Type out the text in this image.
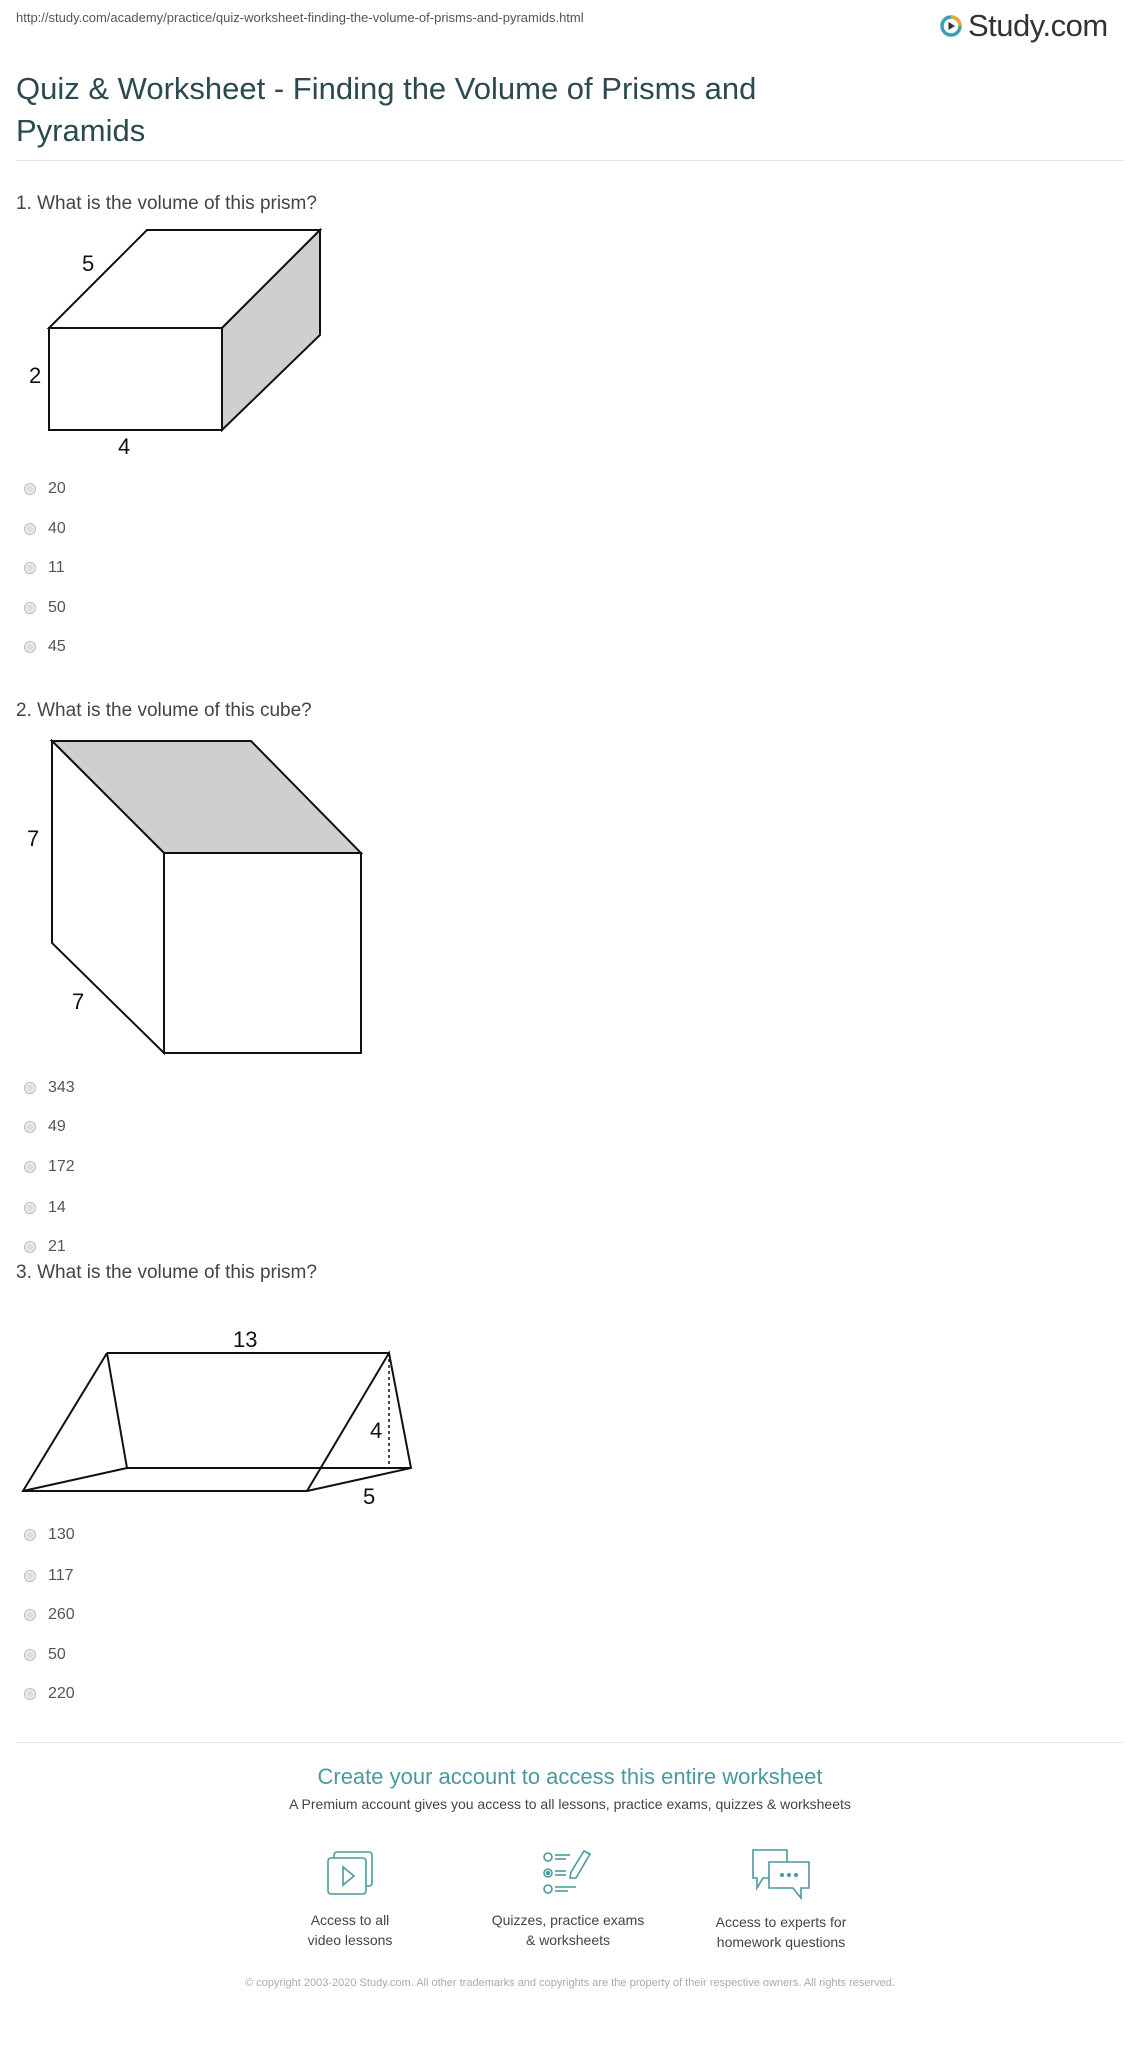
http://study.com/academy/practice/quiz-worksheet-finding-the-volume-of-prisms-and-pyramids.html	Study.com
Quiz & Worksheet - Finding the Volume of Prisms and Pyramids
1. What is the volume of this prism?
5
2
4
20
40
11
50
45
2. What is the volume of this cube?
7
7
343
49
172
14
21
3. What is the volume of this prism?
13
4
5
130
117
260
50
220
Create your account to access this entire worksheet
A Premium account gives you access to all lessons, practice exams, quizzes & worksheets
Access to all
video lessons
Quizzes, practice exams
& worksheets
Access to experts for
homework questions
© copyright 2003-2020 Study.com. All other trademarks and copyrights are the property of their respective owners. All rights reserved.
